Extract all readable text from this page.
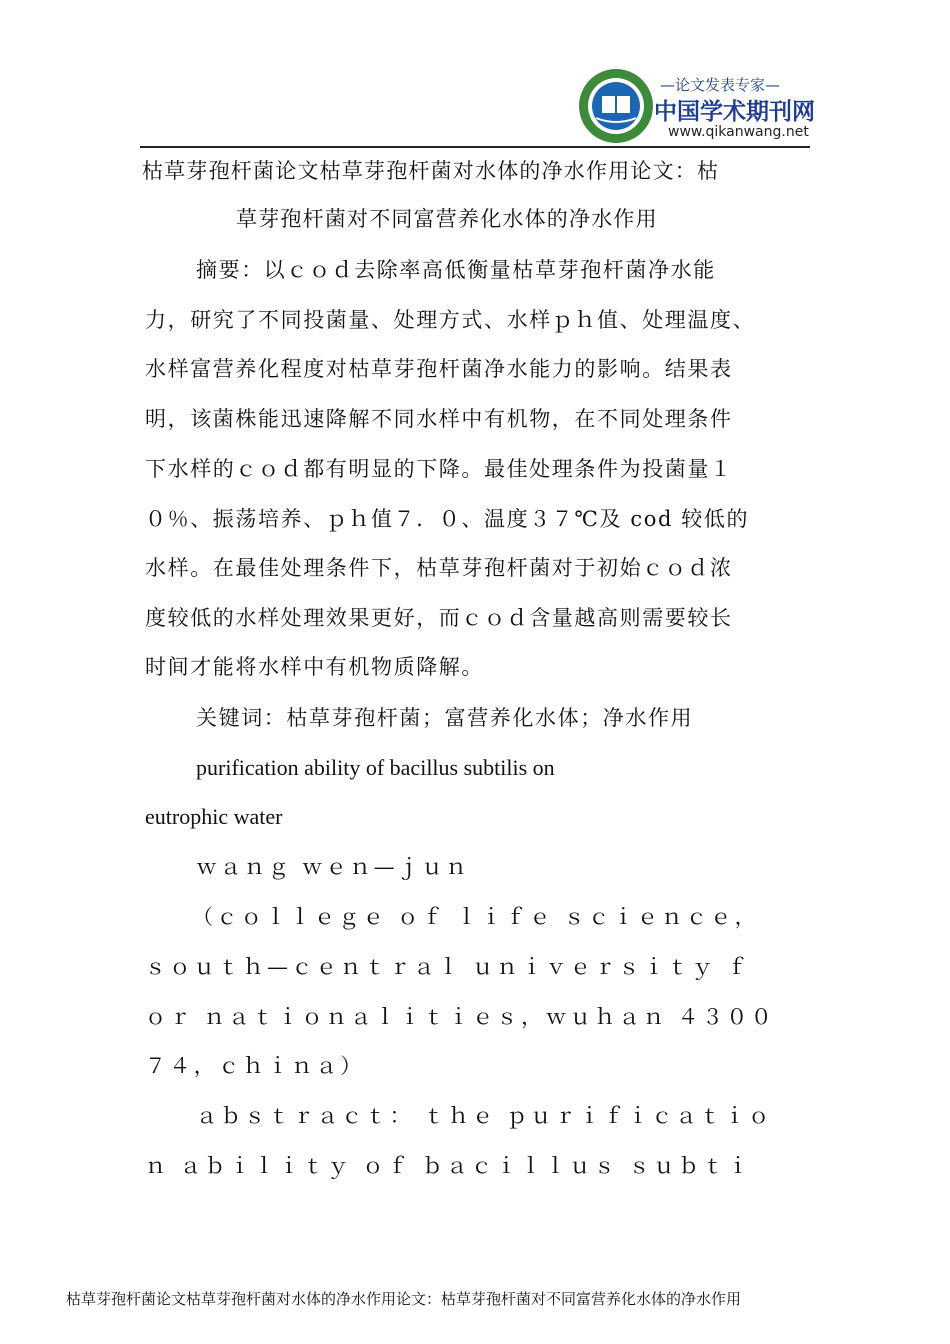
—论文发表专家—
中国学术期刊网
www.qikanwang.net
枯草芽孢杆菌论文枯草芽孢杆菌对水体的净水作用论文：枯
草芽孢杆菌对不同富营养化水体的净水作用
摘要：以ｃｏｄ去除率高低衡量枯草芽孢杆菌净水能
力，研究了不同投菌量、处理方式、水样ｐｈ值、处理温度、
水样富营养化程度对枯草芽孢杆菌净水能力的影响。结果表
明，该菌株能迅速降解不同水样中有机物，在不同处理条件
下水样的ｃｏｄ都有明显的下降。最佳处理条件为投菌量１
０％、振荡培养、ｐｈ值７．０、温度３７℃及 cod 较低的
水样。在最佳处理条件下，枯草芽孢杆菌对于初始ｃｏｄ浓
度较低的水样处理效果更好，而ｃｏｄ含量越高则需要较长
时间才能将水样中有机物质降解。
关键词：枯草芽孢杆菌；富营养化水体；净水作用
purification ability of bacillus subtilis on
eutrophic water
ｗａｎｇ ｗｅｎ—ｊｕｎ
（ｃｏｌｌｅｇｅ ｏｆ ｌｉｆｅ ｓｃｉｅｎｃｅ，
ｓｏｕｔｈ—ｃｅｎｔｒａｌ ｕｎｉｖｅｒｓｉｔｙ ｆ
ｏｒ ｎａｔｉｏｎａｌｉｔｉｅｓ，ｗｕｈａｎ ４３００
７４，ｃｈｉｎａ）
ａｂｓｔｒａｃｔ： ｔｈｅ ｐｕｒｉｆｉｃａｔｉｏ
ｎ ａｂｉｌｉｔｙ ｏｆ ｂａｃｉｌｌｕｓ ｓｕｂｔｉ
枯草芽孢杆菌论文枯草芽孢杆菌对水体的净水作用论文：枯草芽孢杆菌对不同富营养化水体的净水作用
